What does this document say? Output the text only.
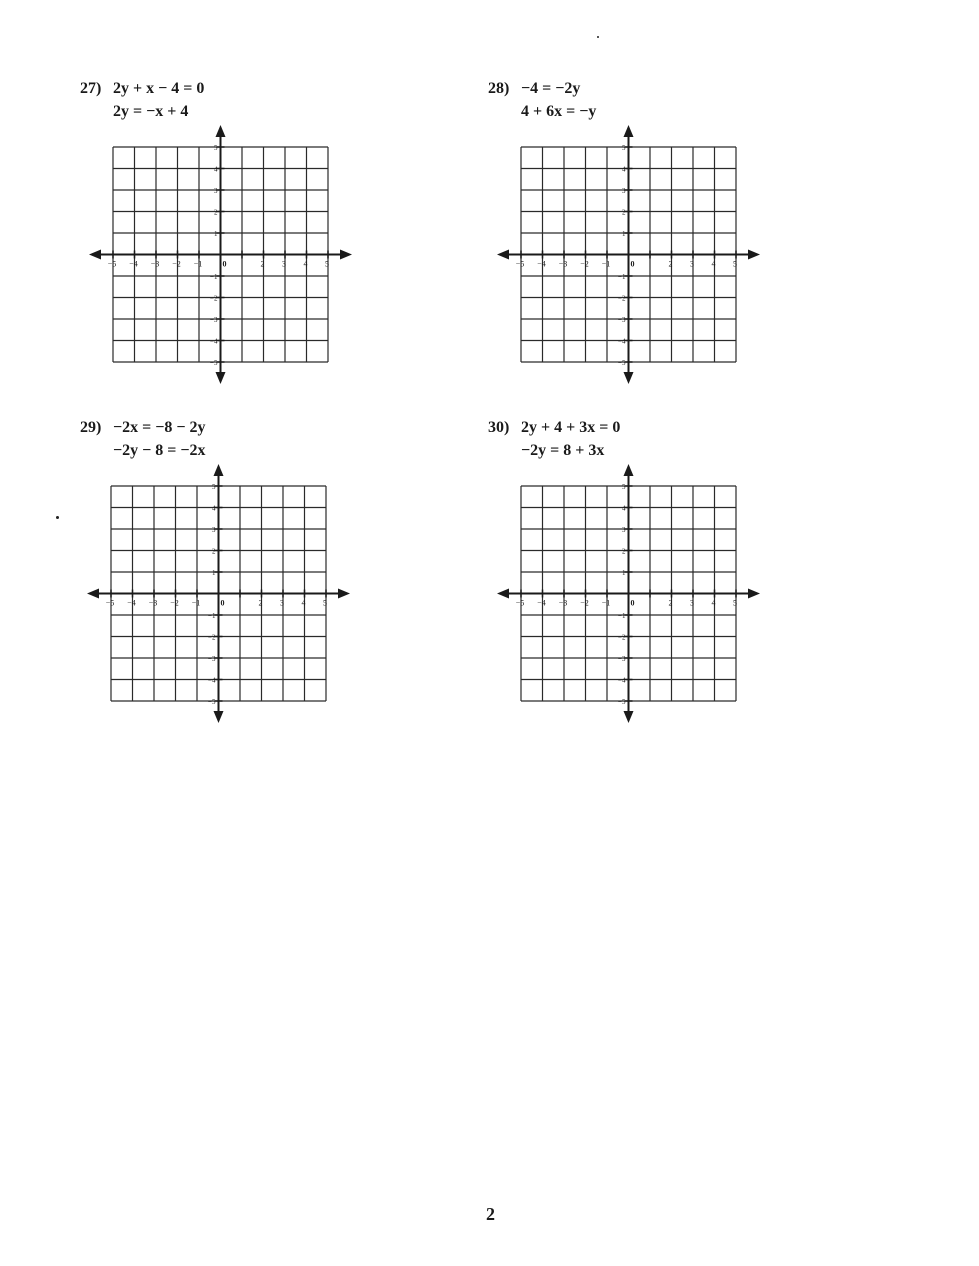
27) 2y + x − 4 = 0
2y = −x + 4
−5 −4 −3 −2 −1	0	2 3 4 5
5
4
3
2
1
−1
−2
−3
−4
−5
28) −4 = −2y
4 + 6x = −y
−5 −4 −3 −2 −1	0	2 3 4 5
5
4
3
2
1
−1
−2
−3
−4
−5
29) −2x = −8 − 2y
−2y − 8 = −2x
−5 −4 −3 −2 −1	0	2 3 4 5
5
4
3
2
1
−1
−2
−3
−4
−5
30) 2y + 4 + 3x = 0
−2y = 8 + 3x
−5 −4 −3 −2 −1	0	2 3 4 5
5
4
3
2
1
−1
−2
−3
−4
−5
2
